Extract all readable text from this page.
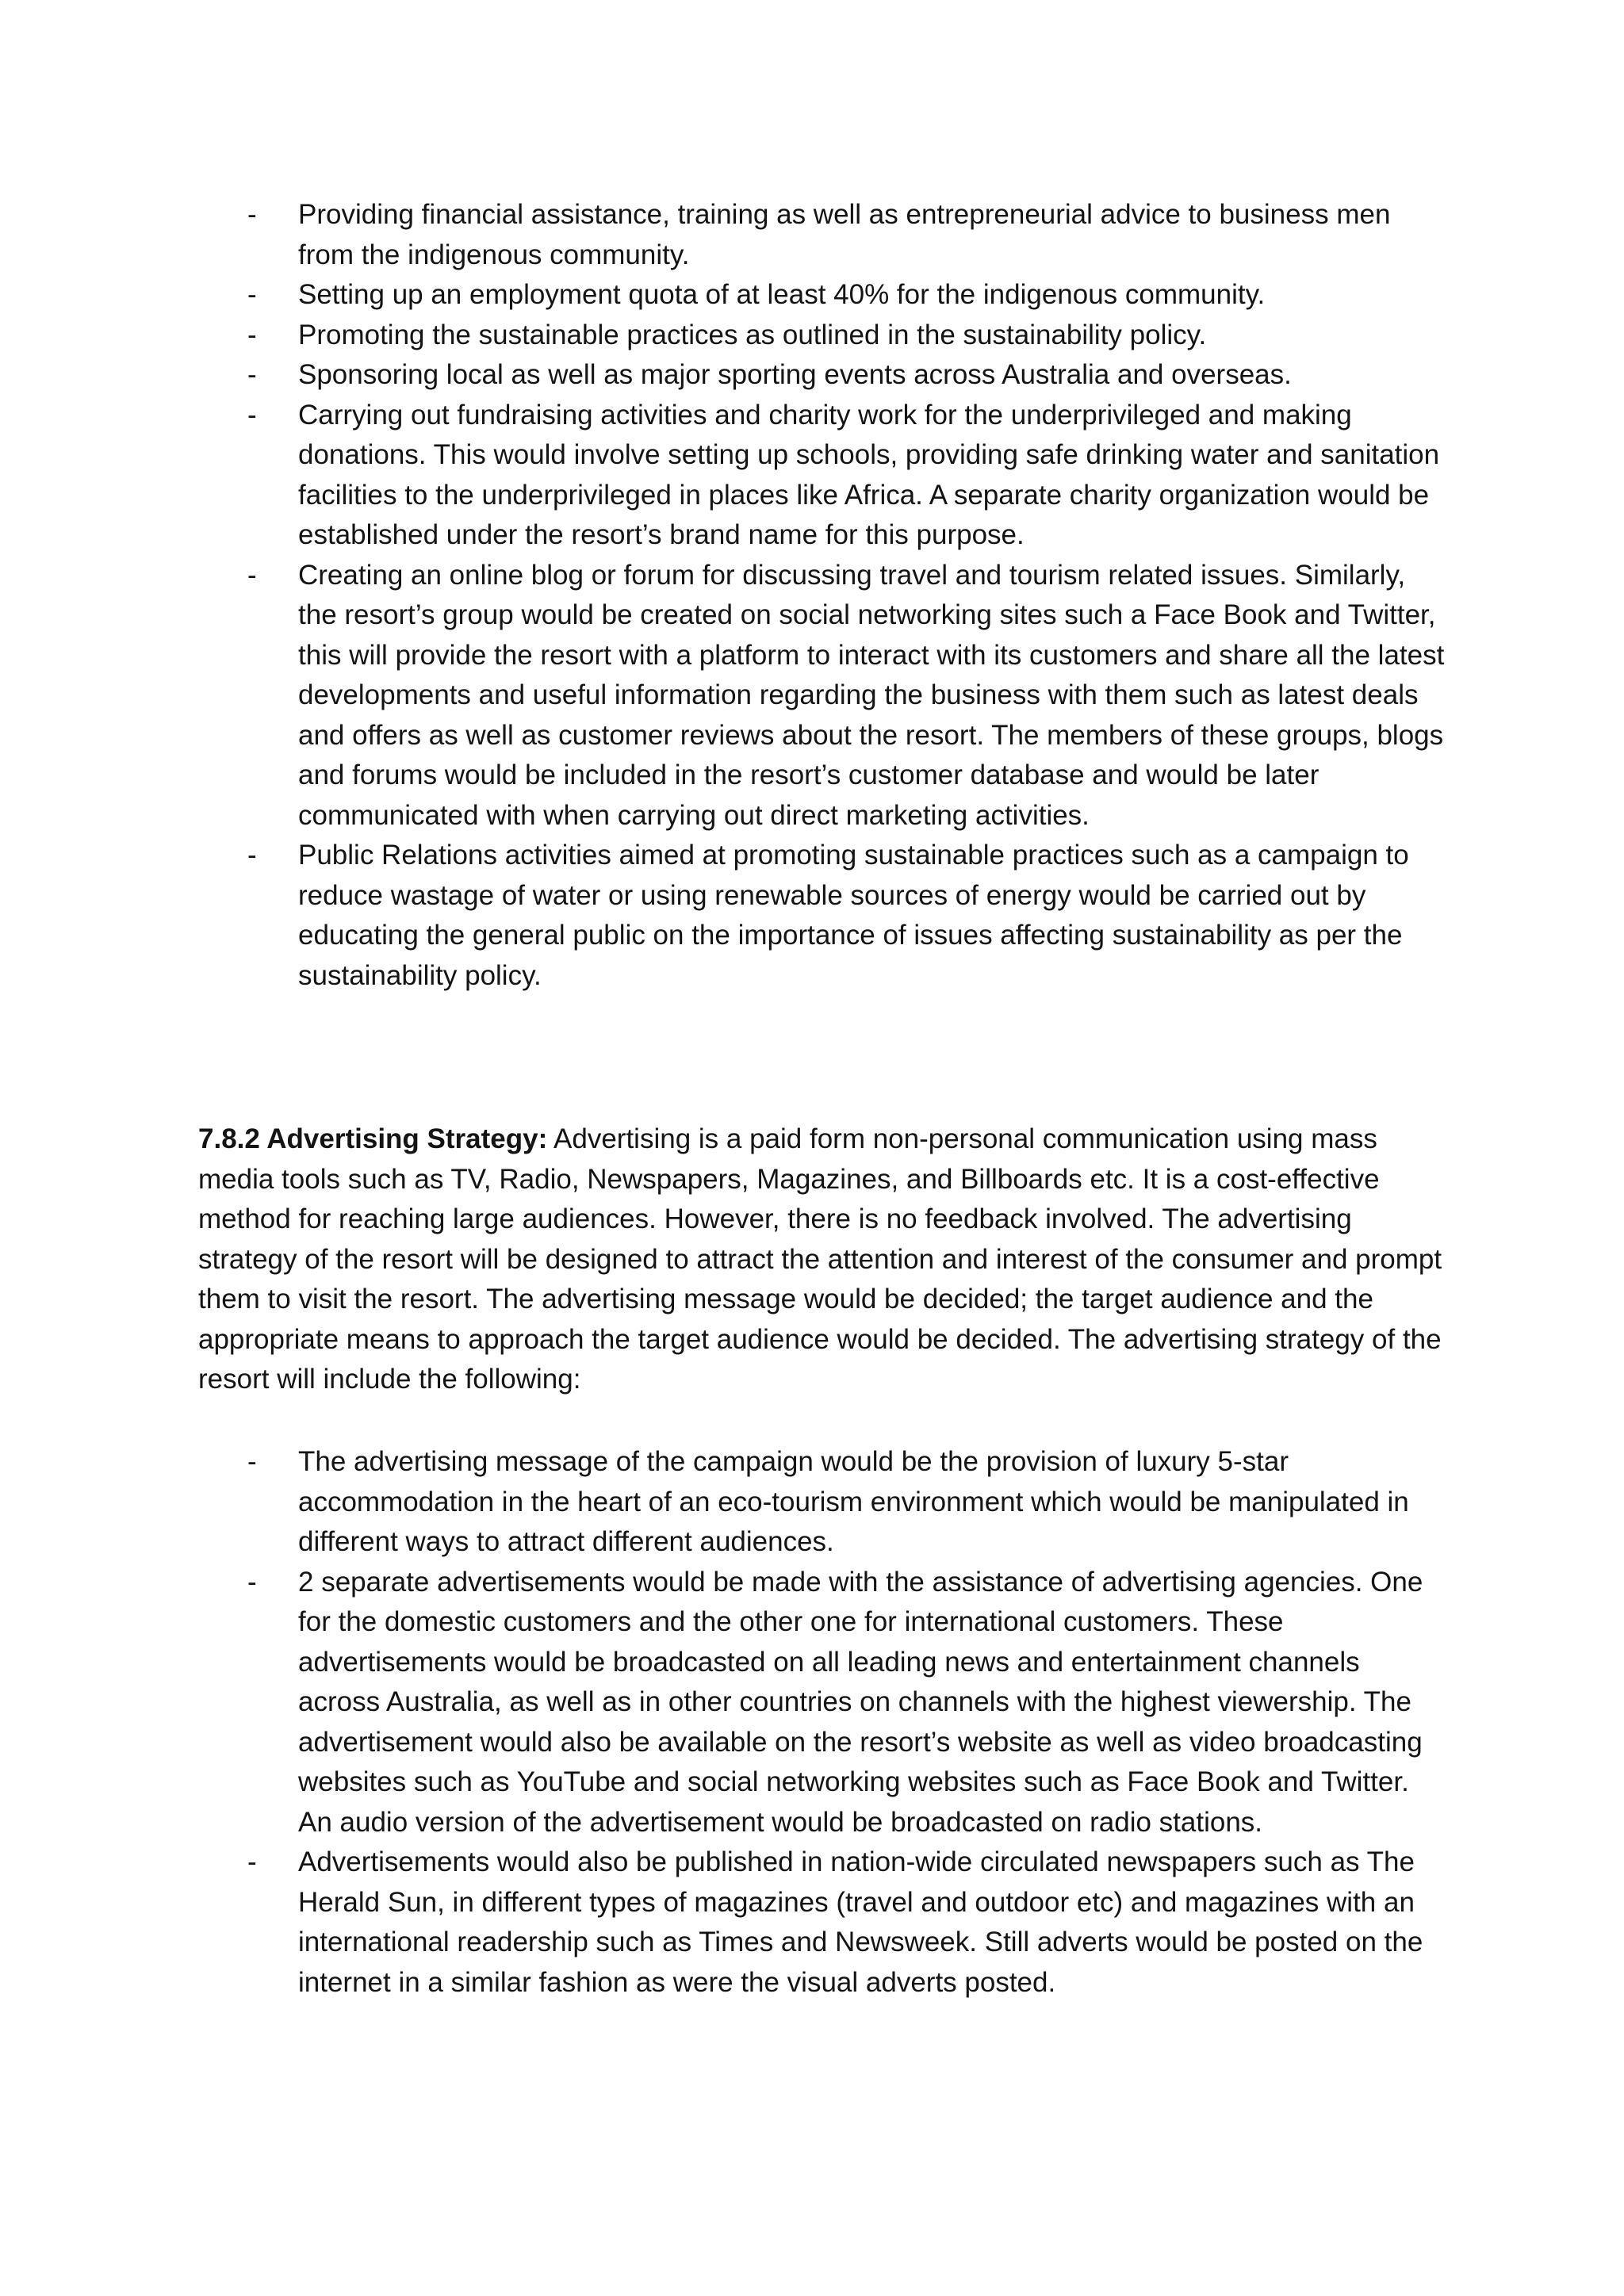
- Providing financial assistance, training as well as entrepreneurial advice to business men from the indigenous community.
- Setting up an employment quota of at least 40% for the indigenous community.
- Promoting the sustainable practices as outlined in the sustainability policy.
- Sponsoring local as well as major sporting events across Australia and overseas.
- Carrying out fundraising activities and charity work for the underprivileged and making donations. This would involve setting up schools, providing safe drinking water and sanitation facilities to the underprivileged in places like Africa. A separate charity organization would be established under the resort’s brand name for this purpose.
- Creating an online blog or forum for discussing travel and tourism related issues. Similarly, the resort’s group would be created on social networking sites such a Face Book and Twitter, this will provide the resort with a platform to interact with its customers and share all the latest developments and useful information regarding the business with them such as latest deals and offers as well as customer reviews about the resort. The members of these groups, blogs and forums would be included in the resort’s customer database and would be later communicated with when carrying out direct marketing activities.
- Public Relations activities aimed at promoting sustainable practices such as a campaign to reduce wastage of water or using renewable sources of energy would be carried out by educating the general public on the importance of issues affecting sustainability as per the sustainability policy.

7.8.2 Advertising Strategy: Advertising is a paid form non-personal communication using mass media tools such as TV, Radio, Newspapers, Magazines, and Billboards etc. It is a cost-effective method for reaching large audiences. However, there is no feedback involved. The advertising strategy of the resort will be designed to attract the attention and interest of the consumer and prompt them to visit the resort. The advertising message would be decided; the target audience and the appropriate means to approach the target audience would be decided. The advertising strategy of the resort will include the following:

- The advertising message of the campaign would be the provision of luxury 5-star accommodation in the heart of an eco-tourism environment which would be manipulated in different ways to attract different audiences.
- 2 separate advertisements would be made with the assistance of advertising agencies. One for the domestic customers and the other one for international customers. These advertisements would be broadcasted on all leading news and entertainment channels across Australia, as well as in other countries on channels with the highest viewership. The advertisement would also be available on the resort’s website as well as video broadcasting websites such as YouTube and social networking websites such as Face Book and Twitter. An audio version of the advertisement would be broadcasted on radio stations.
- Advertisements would also be published in nation-wide circulated newspapers such as The Herald Sun, in different types of magazines (travel and outdoor etc) and magazines with an international readership such as Times and Newsweek. Still adverts would be posted on the internet in a similar fashion as were the visual adverts posted.
